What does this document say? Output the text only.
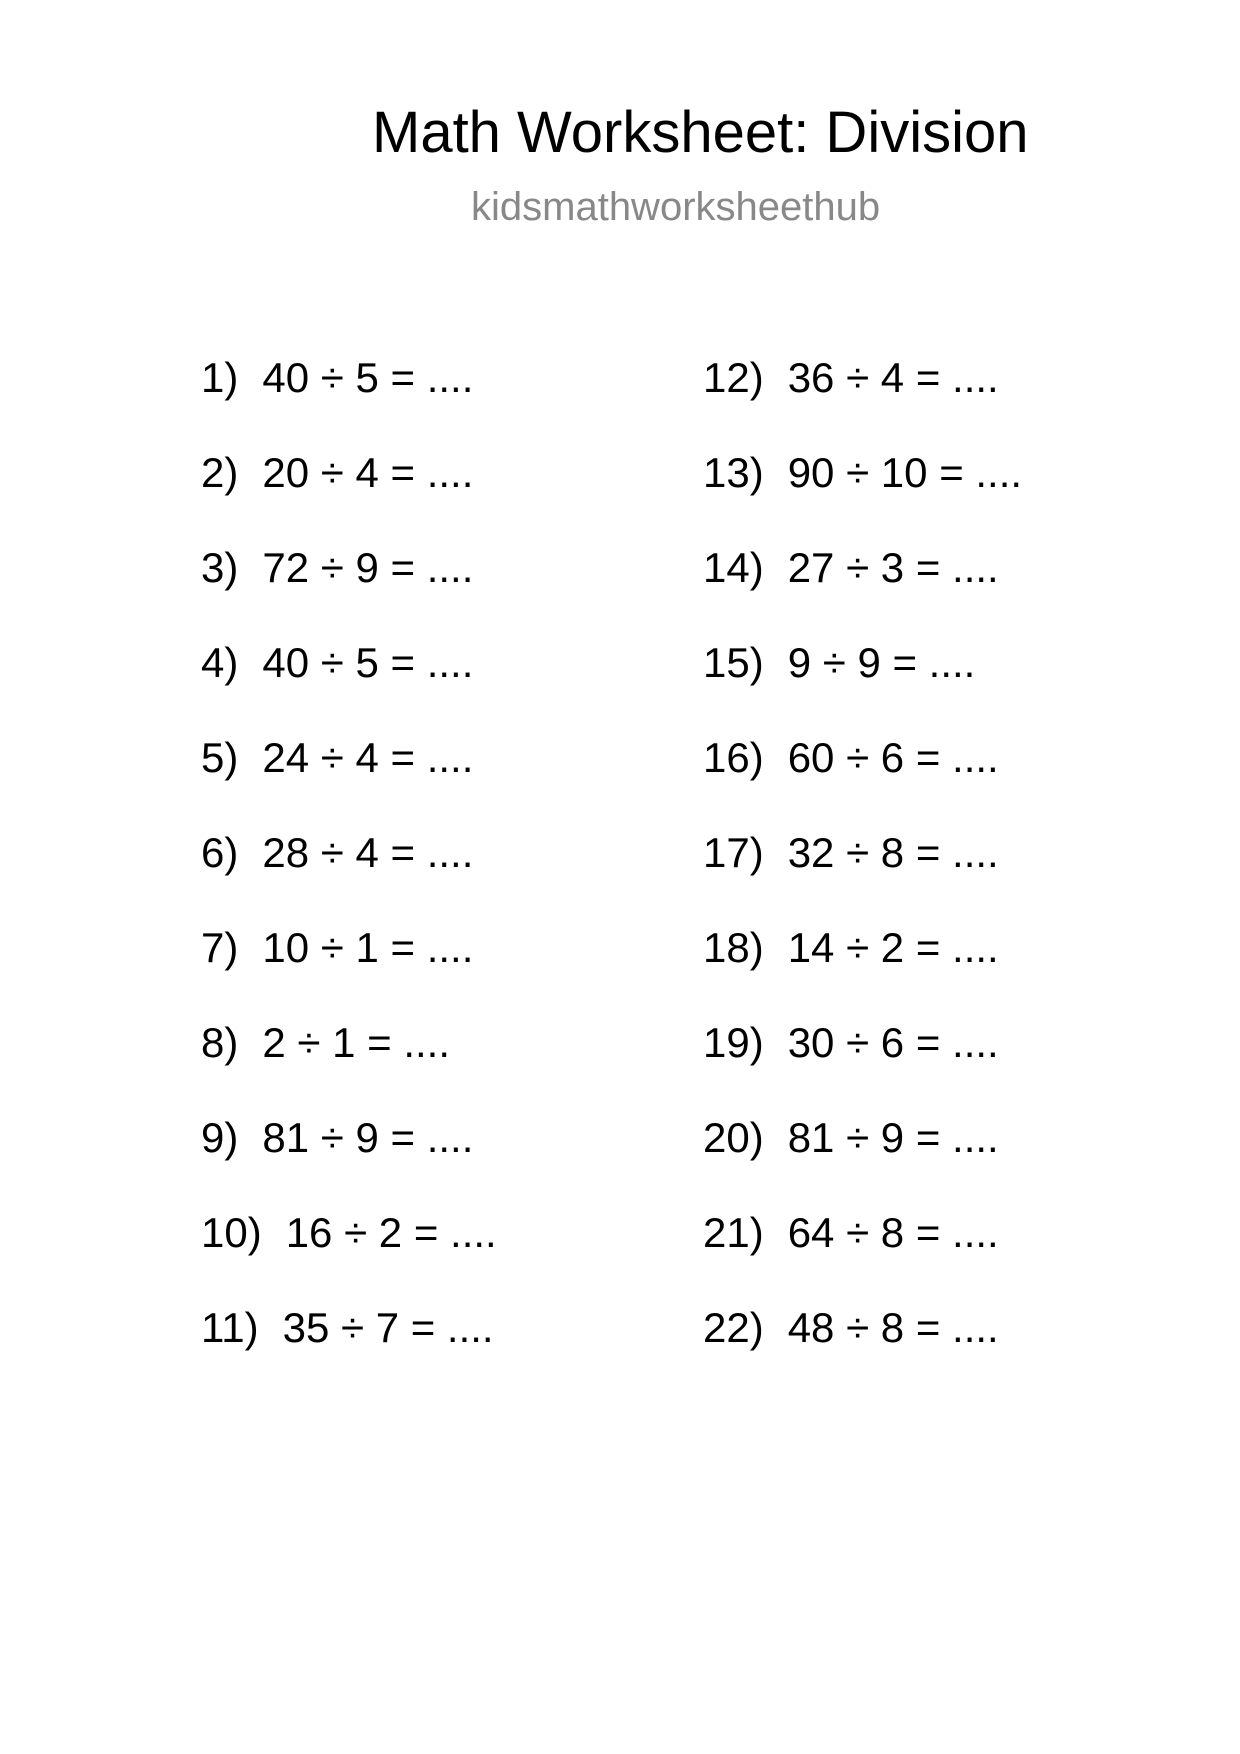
Math Worksheet: Division
kidsmathworksheethub
1) 40 ÷ 5 = ....
2) 20 ÷ 4 = ....
3) 72 ÷ 9 = ....
4) 40 ÷ 5 = ....
5) 24 ÷ 4 = ....
6) 28 ÷ 4 = ....
7) 10 ÷ 1 = ....
8) 2 ÷ 1 = ....
9) 81 ÷ 9 = ....
10) 16 ÷ 2 = ....
11) 35 ÷ 7 = ....
12) 36 ÷ 4 = ....
13) 90 ÷ 10 = ....
14) 27 ÷ 3 = ....
15) 9 ÷ 9 = ....
16) 60 ÷ 6 = ....
17) 32 ÷ 8 = ....
18) 14 ÷ 2 = ....
19) 30 ÷ 6 = ....
20) 81 ÷ 9 = ....
21) 64 ÷ 8 = ....
22) 48 ÷ 8 = ....
